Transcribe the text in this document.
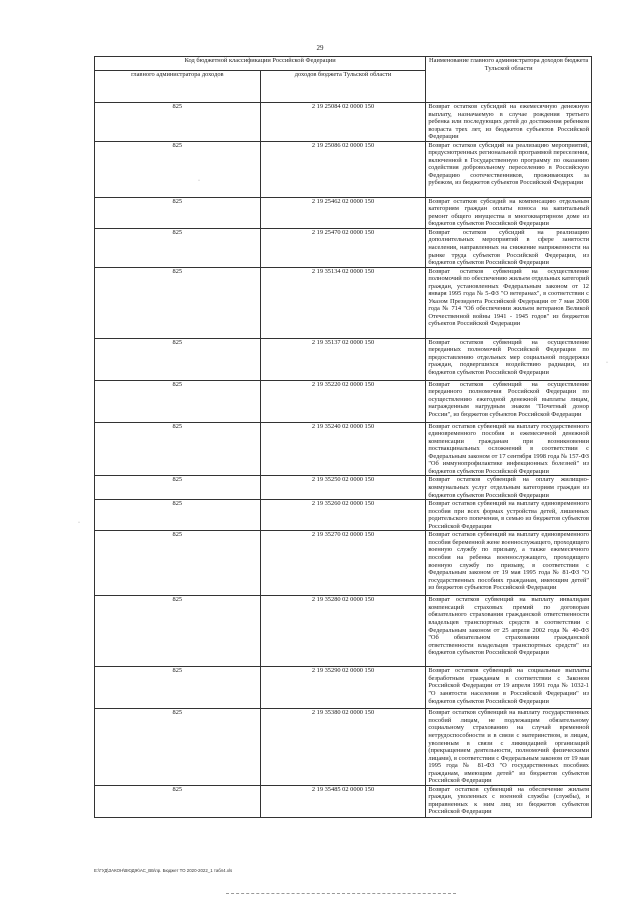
29
Код бюджетной классификации Российской Федерации		Наименование главного администратора доходов бюджета Тульской области
главного администратора доходов	доходов бюджета Тульской области	
825	2 19 25084 02 0000 150	Возврат остатков субсидий на ежемесячную денежную выплату, назначаемую в случае рождения третьего ребенка или последующих детей до достижения ребенком возраста трех лет, из бюджетов субъектов Российской Федерации
825	2 19 25086 02 0000 150	Возврат остатков субсидий на реализацию мероприятий, предусмотренных региональной программой переселения, включенной в Государственную программу по оказанию содействия добровольному переселению в Российскую Федерацию соотечественников, проживающих за рубежом, из бюджетов субъектов Российской Федерации
825	2 19 25462 02 0000 150	Возврат остатков субсидий на компенсацию отдельным категориям граждан оплаты взноса на капитальный ремонт общего имущества в многоквартирном доме из бюджетов субъектов Российской Федерации
825	2 19 25470 02 0000 150	Возврат остатков субсидий на реализацию дополнительных мероприятий в сфере занятости населения, направленных на снижение напряженности на рынке труда субъектов Российской Федерации, из бюджетов субъектов Российской Федерации
825	2 19 35134 02 0000 150	Возврат остатков субвенций на осуществление полномочий по обеспечению жильем отдельных категорий граждан, установленных Федеральным законом от 12 января 1995 года № 5-ФЗ "О ветеранах", в соответствии с Указом Президента Российской Федерации от 7 мая 2008 года № 714 "Об обеспечении жильем ветеранов Великой Отечественной войны 1941 - 1945 годов" из бюджетов субъектов Российской Федерации
825	2 19 35137 02 0000 150	Возврат остатков субвенций на осуществление переданных полномочий Российской Федерации по предоставлению отдельных мер социальной поддержки граждан, подвергшихся воздействию радиации, из бюджетов субъектов Российской Федерации
825	2 19 35220 02 0000 150	Возврат остатков субвенций на осуществление переданного полномочия Российской Федерации по осуществлению ежегодной денежной выплаты лицам, награжденным нагрудным знаком "Почетный донор России", из бюджетов субъектов Российской Федерации
825	2 19 35240 02 0000 150	Возврат остатков субвенций на выплату государственного единовременного пособия и ежемесячной денежной компенсации гражданам при возникновении поствакцинальных осложнений в соответствии с Федеральным законом от 17 сентября 1998 года № 157-ФЗ "Об иммунопрофилактике инфекционных болезней" из бюджетов субъектов Российской Федерации
825	2 19 35250 02 0000 150	Возврат остатков субвенций на оплату жилищно-коммунальных услуг отдельным категориям граждан из бюджетов субъектов Российской Федерации
825	2 19 35260 02 0000 150	Возврат остатков субвенций на выплату единовременного пособия при всех формах устройства детей, лишенных родительского попечения, в семью из бюджетов субъектов Российской Федерации
825	2 19 35270 02 0000 150	Возврат остатков субвенций на выплату единовременного пособия беременной жене военнослужащего, проходящего военную службу по призыву, а также ежемесячного пособия на ребенка военнослужащего, проходящего военную службу по призыву, в соответствии с Федеральным законом от 19 мая 1995 года № 81-ФЗ "О государственных пособиях гражданам, имеющим детей" из бюджетов субъектов Российской Федерации
825	2 19 35280 02 0000 150	Возврат остатков субвенций на выплату инвалидам компенсаций страховых премий по договорам обязательного страхования гражданской ответственности владельцев транспортных средств в соответствии с Федеральным законом от 25 апреля 2002 года № 40-ФЗ "Об обязательном страховании гражданской ответственности владельцев транспортных средств" из бюджетов субъектов Российской Федерации
825	2 19 35290 02 0000 150	Возврат остатков субвенций на социальные выплаты безработным гражданам в соответствии с Законом Российской Федерации от 19 апреля 1991 года № 1032-1 "О занятости населения в Российской Федерации" из бюджетов субъектов Российской Федерации
825	2 19 35380 02 0000 150	Возврат остатков субвенций на выплату государственных пособий лицам, не подлежащим обязательному социальному страхованию на случай временной нетрудоспособности и в связи с материнством, и лицам, уволенным в связи с ликвидацией организаций (прекращением деятельности, полномочий физическими лицами), в соответствии с Федеральным законом от 19 мая 1995 года № 81-ФЗ "О государственных пособиях гражданам, имеющим детей" из бюджетов субъектов Российской Федерации
825	2 19 35485 02 0000 150	Возврат остатков субвенций на обеспечение жильем граждан, уволенных с военной службы (службы), и приравненных к ним лиц из бюджетов субъектов Российской Федерации
·
·
·
Е:\ГУД\ЗАКОН\ВЮДЖ\АС_ВБ\пр. Бюджет ТО 2020-2022_1 табл4.xls
